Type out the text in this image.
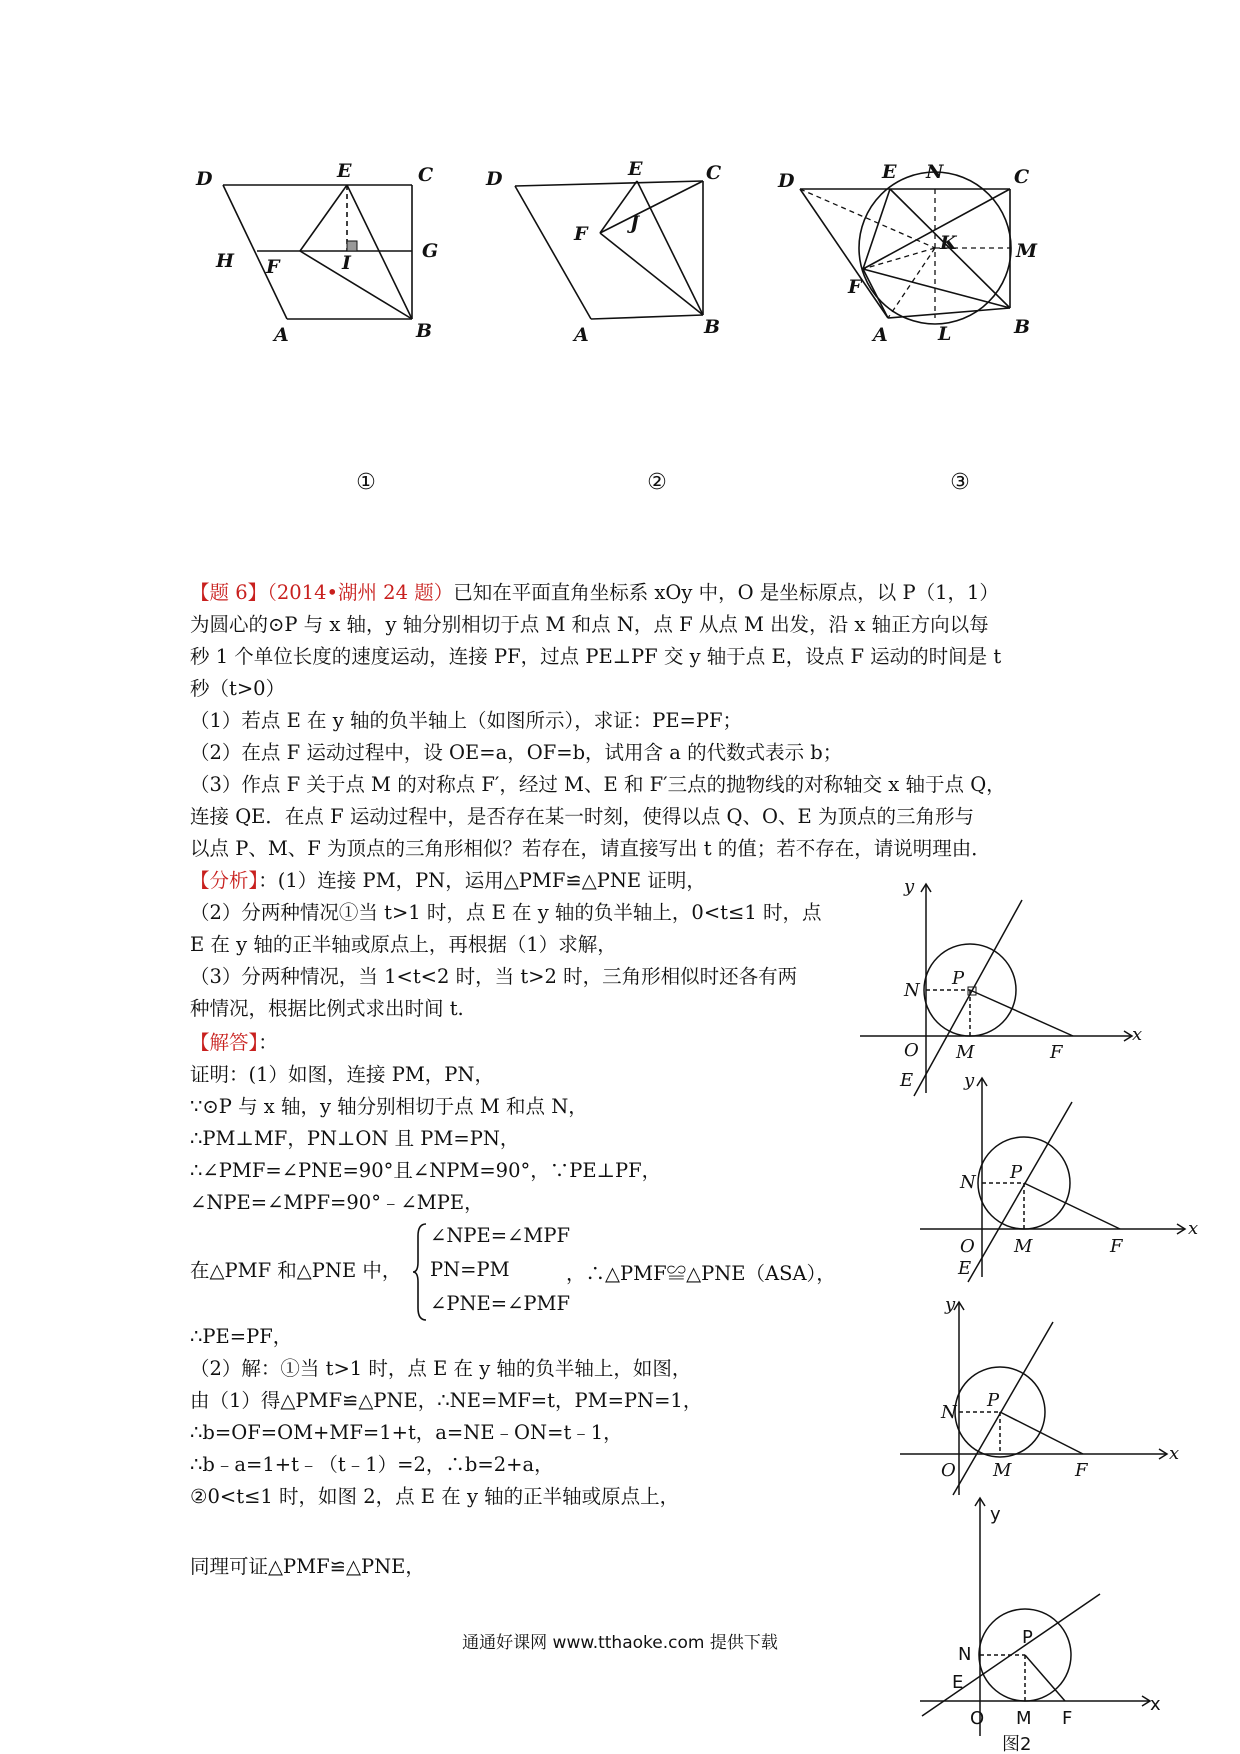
D	E	C
H F	I
G
A	B
D	E	C
F J
A	B
D	E N	C
K	M
F
A	L	B
①	②	③
【题 6】（2014•湖州 24 题）已知在平面直角坐标系 xOy 中，O 是坐标原点，以 P（1，1）
为圆心的⊙P 与 x 轴，y 轴分别相切于点 M 和点 N，点 F 从点 M 出发，沿 x 轴正方向以每
秒 1 个单位长度的速度运动，连接 PF，过点 PE⊥PF 交 y 轴于点 E，设点 F 运动的时间是 t
秒（t>0）
（1）若点 E 在 y 轴的负半轴上（如图所示），求证：PE=PF；
（2）在点 F 运动过程中，设 OE=a，OF=b，试用含 a 的代数式表示 b；
（3）作点 F 关于点 M 的对称点 F′，经过 M、E 和 F′三点的抛物线的对称轴交 x 轴于点 Q，
连接 QE．在点 F 运动过程中，是否存在某一时刻，使得以点 Q、O、E 为顶点的三角形与
以点 P、M、F 为顶点的三角形相似？若存在，请直接写出 t 的值；若不存在，请说明理由．
【分析】：(1）连接 PM，PN，运用△PMF≌△PNE 证明，
（2）分两种情况①当 t>1 时，点 E 在 y 轴的负半轴上，0<t≤1 时，点
E 在 y 轴的正半轴或原点上，再根据（1）求解，
（3）分两种情况，当 1<t<2 时，当 t>2 时，三角形相似时还各有两
种情况，根据比例式求出时间 t.
【解答】：
证明：(1）如图，连接 PM，PN，
∵⊙P 与 x 轴，y 轴分别相切于点 M 和点 N，
∴PM⊥MF，PN⊥ON 且 PM=PN，
∴∠PMF=∠PNE=90°且∠NPM=90°，∵PE⊥PF，
∠NPE=∠MPF=90°﹣∠MPE，
在△PMF 和△PNE 中，
∠NPE=∠MPF
PN=PM
∠PNE=∠PMF
，∴△PMF≌△PNE（ASA），
∴PE=PF，
（2）解：①当 t>1 时，点 E 在 y 轴的负半轴上，如图，
由（1）得△PMF≌△PNE，∴NE=MF=t，PM=PN=1，
∴b=OF=OM+MF=1+t，a=NE﹣ON=t﹣1，
∴b﹣a=1+t﹣（t﹣1）=2，∴b=2+a，
②0<t≤1 时，如图 2，点 E 在 y 轴的正半轴或原点上，
同理可证△PMF≌△PNE，
y
N
P
O M	F
x
E	y
N P
O M	F
x
E
y
N
P
O M	F
x
y
N
P
E
O M F
x
图2
通通好课网 www.tthaoke.com 提供下载
